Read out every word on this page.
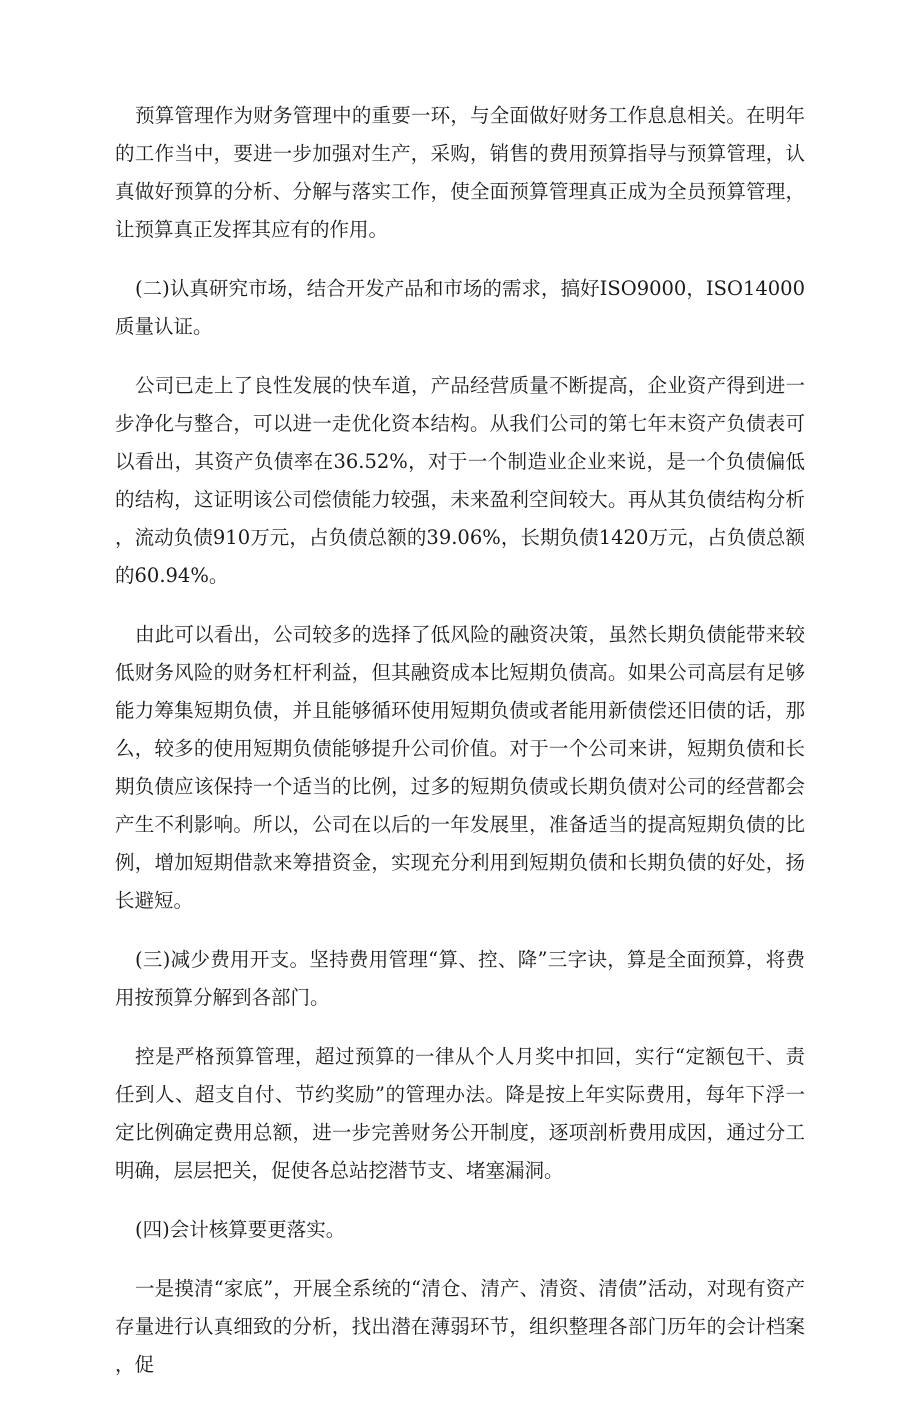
预算管理作为财务管理中的重要一环，与全面做好财务工作息息相关。在明年的工作当中，要进一步加强对生产，采购，销售的费用预算指导与预算管理，认真做好预算的分析、分解与落实工作，使全面预算管理真正成为全员预算管理，让预算真正发挥其应有的作用。

(二)认真研究市场，结合开发产品和市场的需求，搞好ISO9000，ISO14000质量认证。

公司已走上了良性发展的快车道，产品经营质量不断提高，企业资产得到进一步净化与整合，可以进一走优化资本结构。从我们公司的第七年末资产负债表可以看出，其资产负债率在36.52%，对于一个制造业企业来说，是一个负债偏低的结构，这证明该公司偿债能力较强，未来盈利空间较大。再从其负债结构分析，流动负债910万元，占负债总额的39.06%，长期负债1420万元，占负债总额的60.94%。

由此可以看出，公司较多的选择了低风险的融资决策，虽然长期负债能带来较低财务风险的财务杠杆利益，但其融资成本比短期负债高。如果公司高层有足够能力筹集短期负债，并且能够循环使用短期负债或者能用新债偿还旧债的话，那么，较多的使用短期负债能够提升公司价值。对于一个公司来讲，短期负债和长期负债应该保持一个适当的比例，过多的短期负债或长期负债对公司的经营都会产生不利影响。所以，公司在以后的一年发展里，准备适当的提高短期负债的比例，增加短期借款来筹措资金，实现充分利用到短期负债和长期负债的好处，扬长避短。

(三)减少费用开支。坚持费用管理“算、控、降”三字诀，算是全面预算，将费用按预算分解到各部门。

控是严格预算管理，超过预算的一律从个人月奖中扣回，实行“定额包干、责任到人、超支自付、节约奖励”的管理办法。降是按上年实际费用，每年下浮一定比例确定费用总额，进一步完善财务公开制度，逐项剖析费用成因，通过分工明确，层层把关，促使各总站挖潜节支、堵塞漏洞。

(四)会计核算要更落实。

一是摸清“家底”，开展全系统的“清仓、清产、清资、清债”活动，对现有资产存量进行认真细致的分析，找出潜在薄弱环节，组织整理各部门历年的会计档案，促
